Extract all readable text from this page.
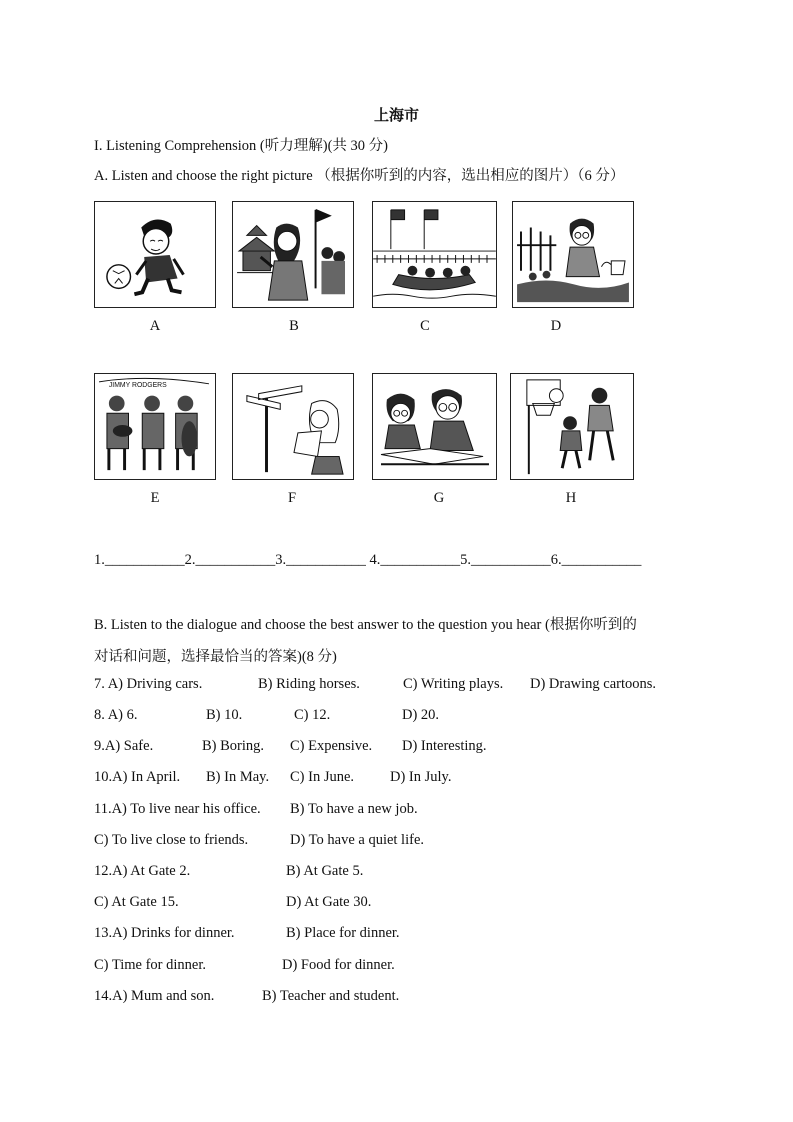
上海市
I. Listening Comprehension (听力理解)(共 30 分)
A. Listen and choose the right picture （根据你听到的内容，选出相应的图片）（6 分）
A	B	C	D
JIMMY RODGERS
E	F	G	H
1.___________2.___________3.___________ 4.___________5.___________6.___________
B. Listen to the dialogue and choose the best answer to the question you hear (根据你听到的
对话和问题，选择最恰当的答案)(8 分)
7. A) Driving cars.	B) Riding horses.	C) Writing plays. D) Drawing cartoons.
8. A) 6.	B) 10.	C) 12.	D) 20.
9.A) Safe.	B) Boring. C) Expensive. D) Interesting.
10.A) In April. B) In May. C) In June. D) In July.
11.A) To live near his office. B) To have a new job.
C) To live close to friends.	D) To have a quiet life.
12.A) At Gate 2.	B) At Gate 5.
C) At Gate 15.	D) At Gate 30.
13.A) Drinks for dinner.	B) Place for dinner.
C) Time for dinner.	D) Food for dinner.
14.A) Mum and son.	B) Teacher and student.
